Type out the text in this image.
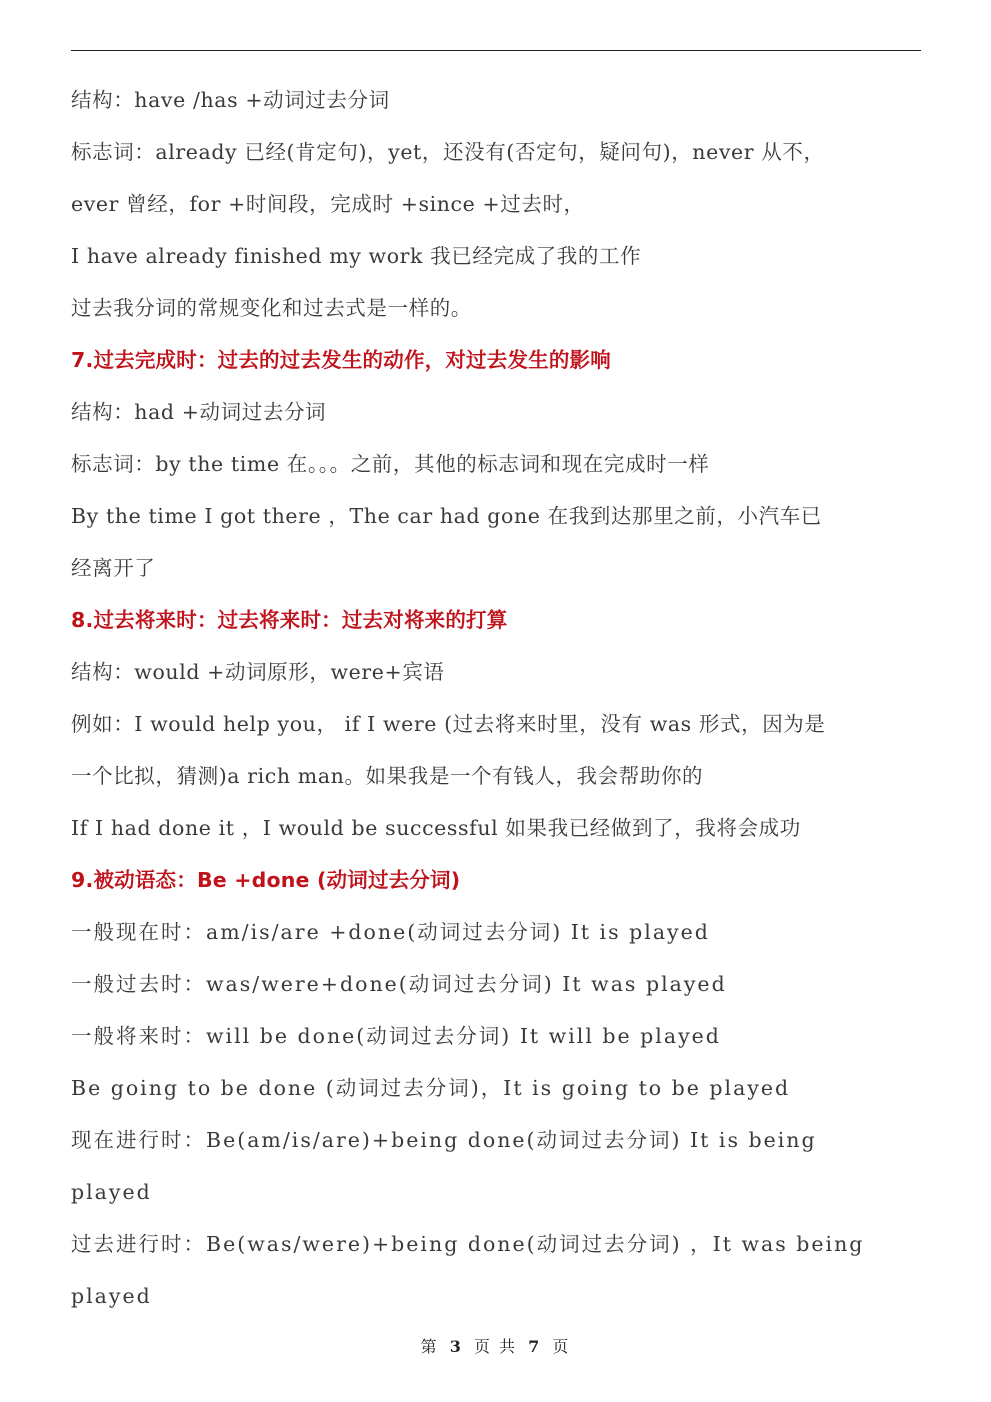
结构：have /has +动词过去分词
标志词：already 已经(肯定句)，yet，还没有(否定句，疑问句)，never 从不，
ever 曾经，for +时间段，完成时 +since +过去时，
I have already finished my work 我已经完成了我的工作
过去我分词的常规变化和过去式是一样的。
7.过去完成时：过去的过去发生的动作，对过去发生的影响
结构：had +动词过去分词
标志词：by the time 在。。。之前，其他的标志词和现在完成时一样
By the time I got there ，The car had gone 在我到达那里之前，小汽车已
经离开了
8.过去将来时：过去将来时：过去对将来的打算
结构：would +动词原形，were+宾语
例如：I would help you， if I were (过去将来时里，没有 was 形式，因为是
一个比拟，猜测)a rich man。如果我是一个有钱人，我会帮助你的
If I had done it ，I would be successful 如果我已经做到了，我将会成功
9.被动语态：Be +done (动词过去分词)
一般现在时：am/is/are +done(动词过去分词) It is played
一般过去时：was/were+done(动词过去分词) It was played
一般将来时：will be done(动词过去分词) It will be played
Be going to be done (动词过去分词)，It is going to be played
现在进行时：Be(am/is/are)+being done(动词过去分词) It is being
played
过去进行时：Be(was/were)+being done(动词过去分词) ，It was being
played
第 3 页 共 7 页
